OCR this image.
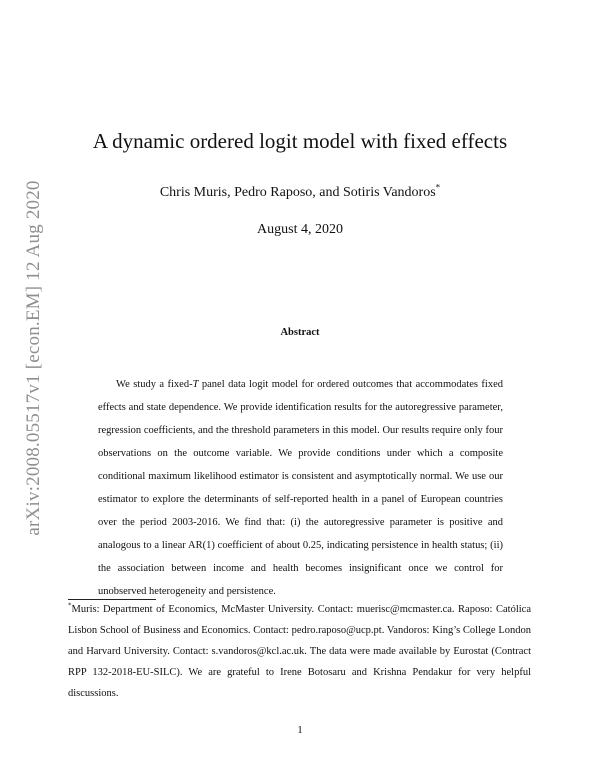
arXiv:2008.05517v1 [econ.EM] 12 Aug 2020
A dynamic ordered logit model with fixed effects
Chris Muris, Pedro Raposo, and Sotiris Vandoros*
August 4, 2020
Abstract

We study a fixed-T panel data logit model for ordered outcomes that accommodates fixed effects and state dependence. We provide identification results for the autoregressive parameter, regression coefficients, and the threshold parameters in this model. Our results require only four observations on the outcome variable. We provide conditions under which a composite conditional maximum likelihood estimator is consistent and asymptotically normal. We use our estimator to explore the determinants of self-reported health in a panel of European countries over the period 2003-2016. We find that: (i) the autoregressive parameter is positive and analogous to a linear AR(1) coefficient of about 0.25, indicating persistence in health status; (ii) the association between income and health becomes insignificant once we control for unobserved heterogeneity and persistence.

*Muris: Department of Economics, McMaster University. Contact: muerisc@mcmaster.ca. Raposo: Católica Lisbon School of Business and Economics. Contact: pedro.raposo@ucp.pt. Vandoros: King’s College London and Harvard University. Contact: s.vandoros@kcl.ac.uk. The data were made available by Eurostat (Contract RPP 132-2018-EU-SILC). We are grateful to Irene Botosaru and Krishna Pendakur for very helpful discussions.

1
